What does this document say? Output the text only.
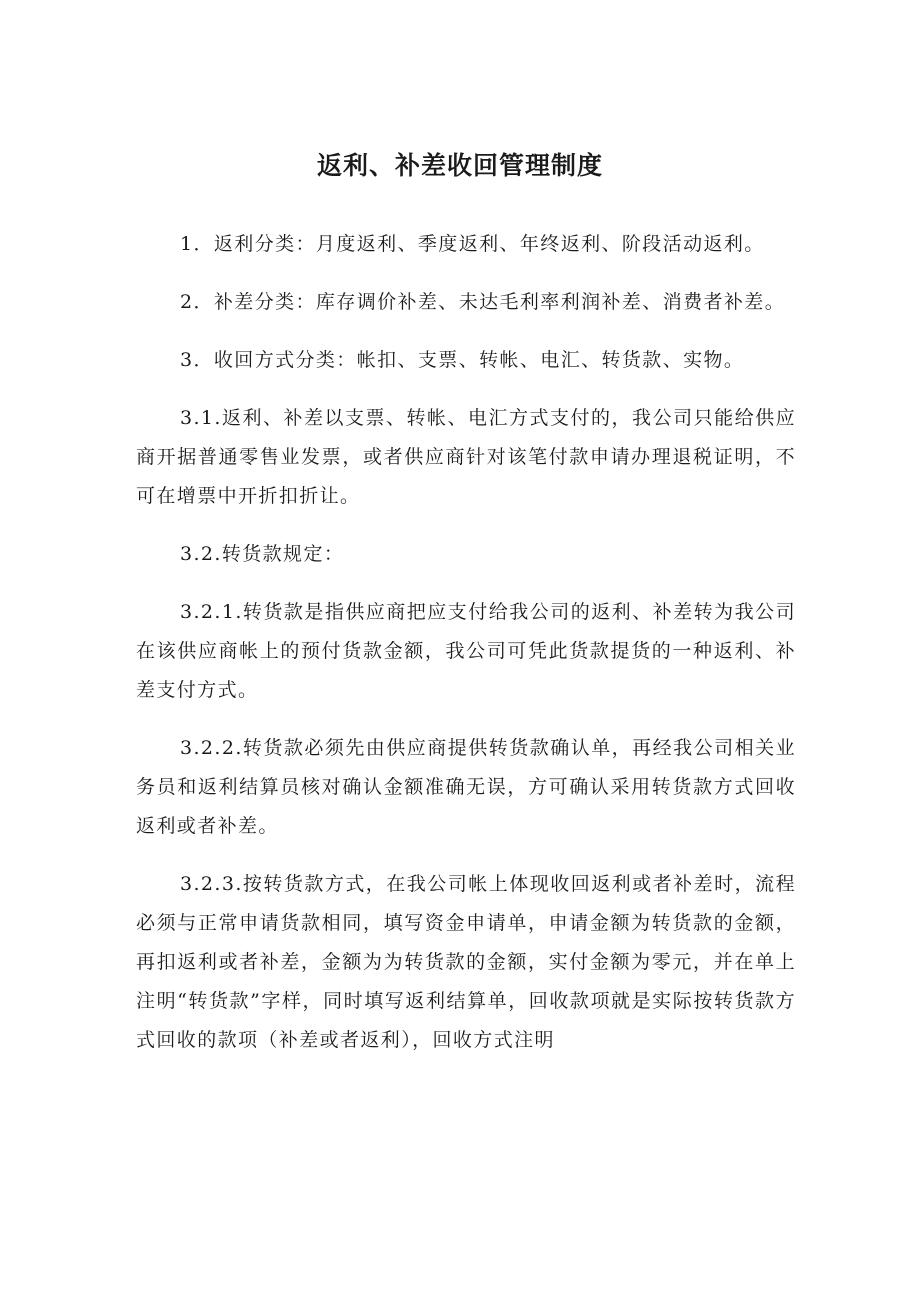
返利、补差收回管理制度

1．返利分类：月度返利、季度返利、年终返利、阶段活动返利。

2．补差分类：库存调价补差、未达毛利率利润补差、消费者补差。

3．收回方式分类：帐扣、支票、转帐、电汇、转货款、实物。

3.1.返利、补差以支票、转帐、电汇方式支付的，我公司只能给供应商开据普通零售业发票，或者供应商针对该笔付款申请办理退税证明，不可在增票中开折扣折让。

3.2.转货款规定：

3.2.1.转货款是指供应商把应支付给我公司的返利、补差转为我公司在该供应商帐上的预付货款金额，我公司可凭此货款提货的一种返利、补差支付方式。

3.2.2.转货款必须先由供应商提供转货款确认单，再经我公司相关业务员和返利结算员核对确认金额准确无误，方可确认采用转货款方式回收返利或者补差。

3.2.3.按转货款方式，在我公司帐上体现收回返利或者补差时，流程必须与正常申请货款相同，填写资金申请单，申请金额为转货款的金额，再扣返利或者补差，金额为为转货款的金额，实付金额为零元，并在单上注明“转货款”字样，同时填写返利结算单，回收款项就是实际按转货款方式回收的款项（补差或者返利），回收方式注明
